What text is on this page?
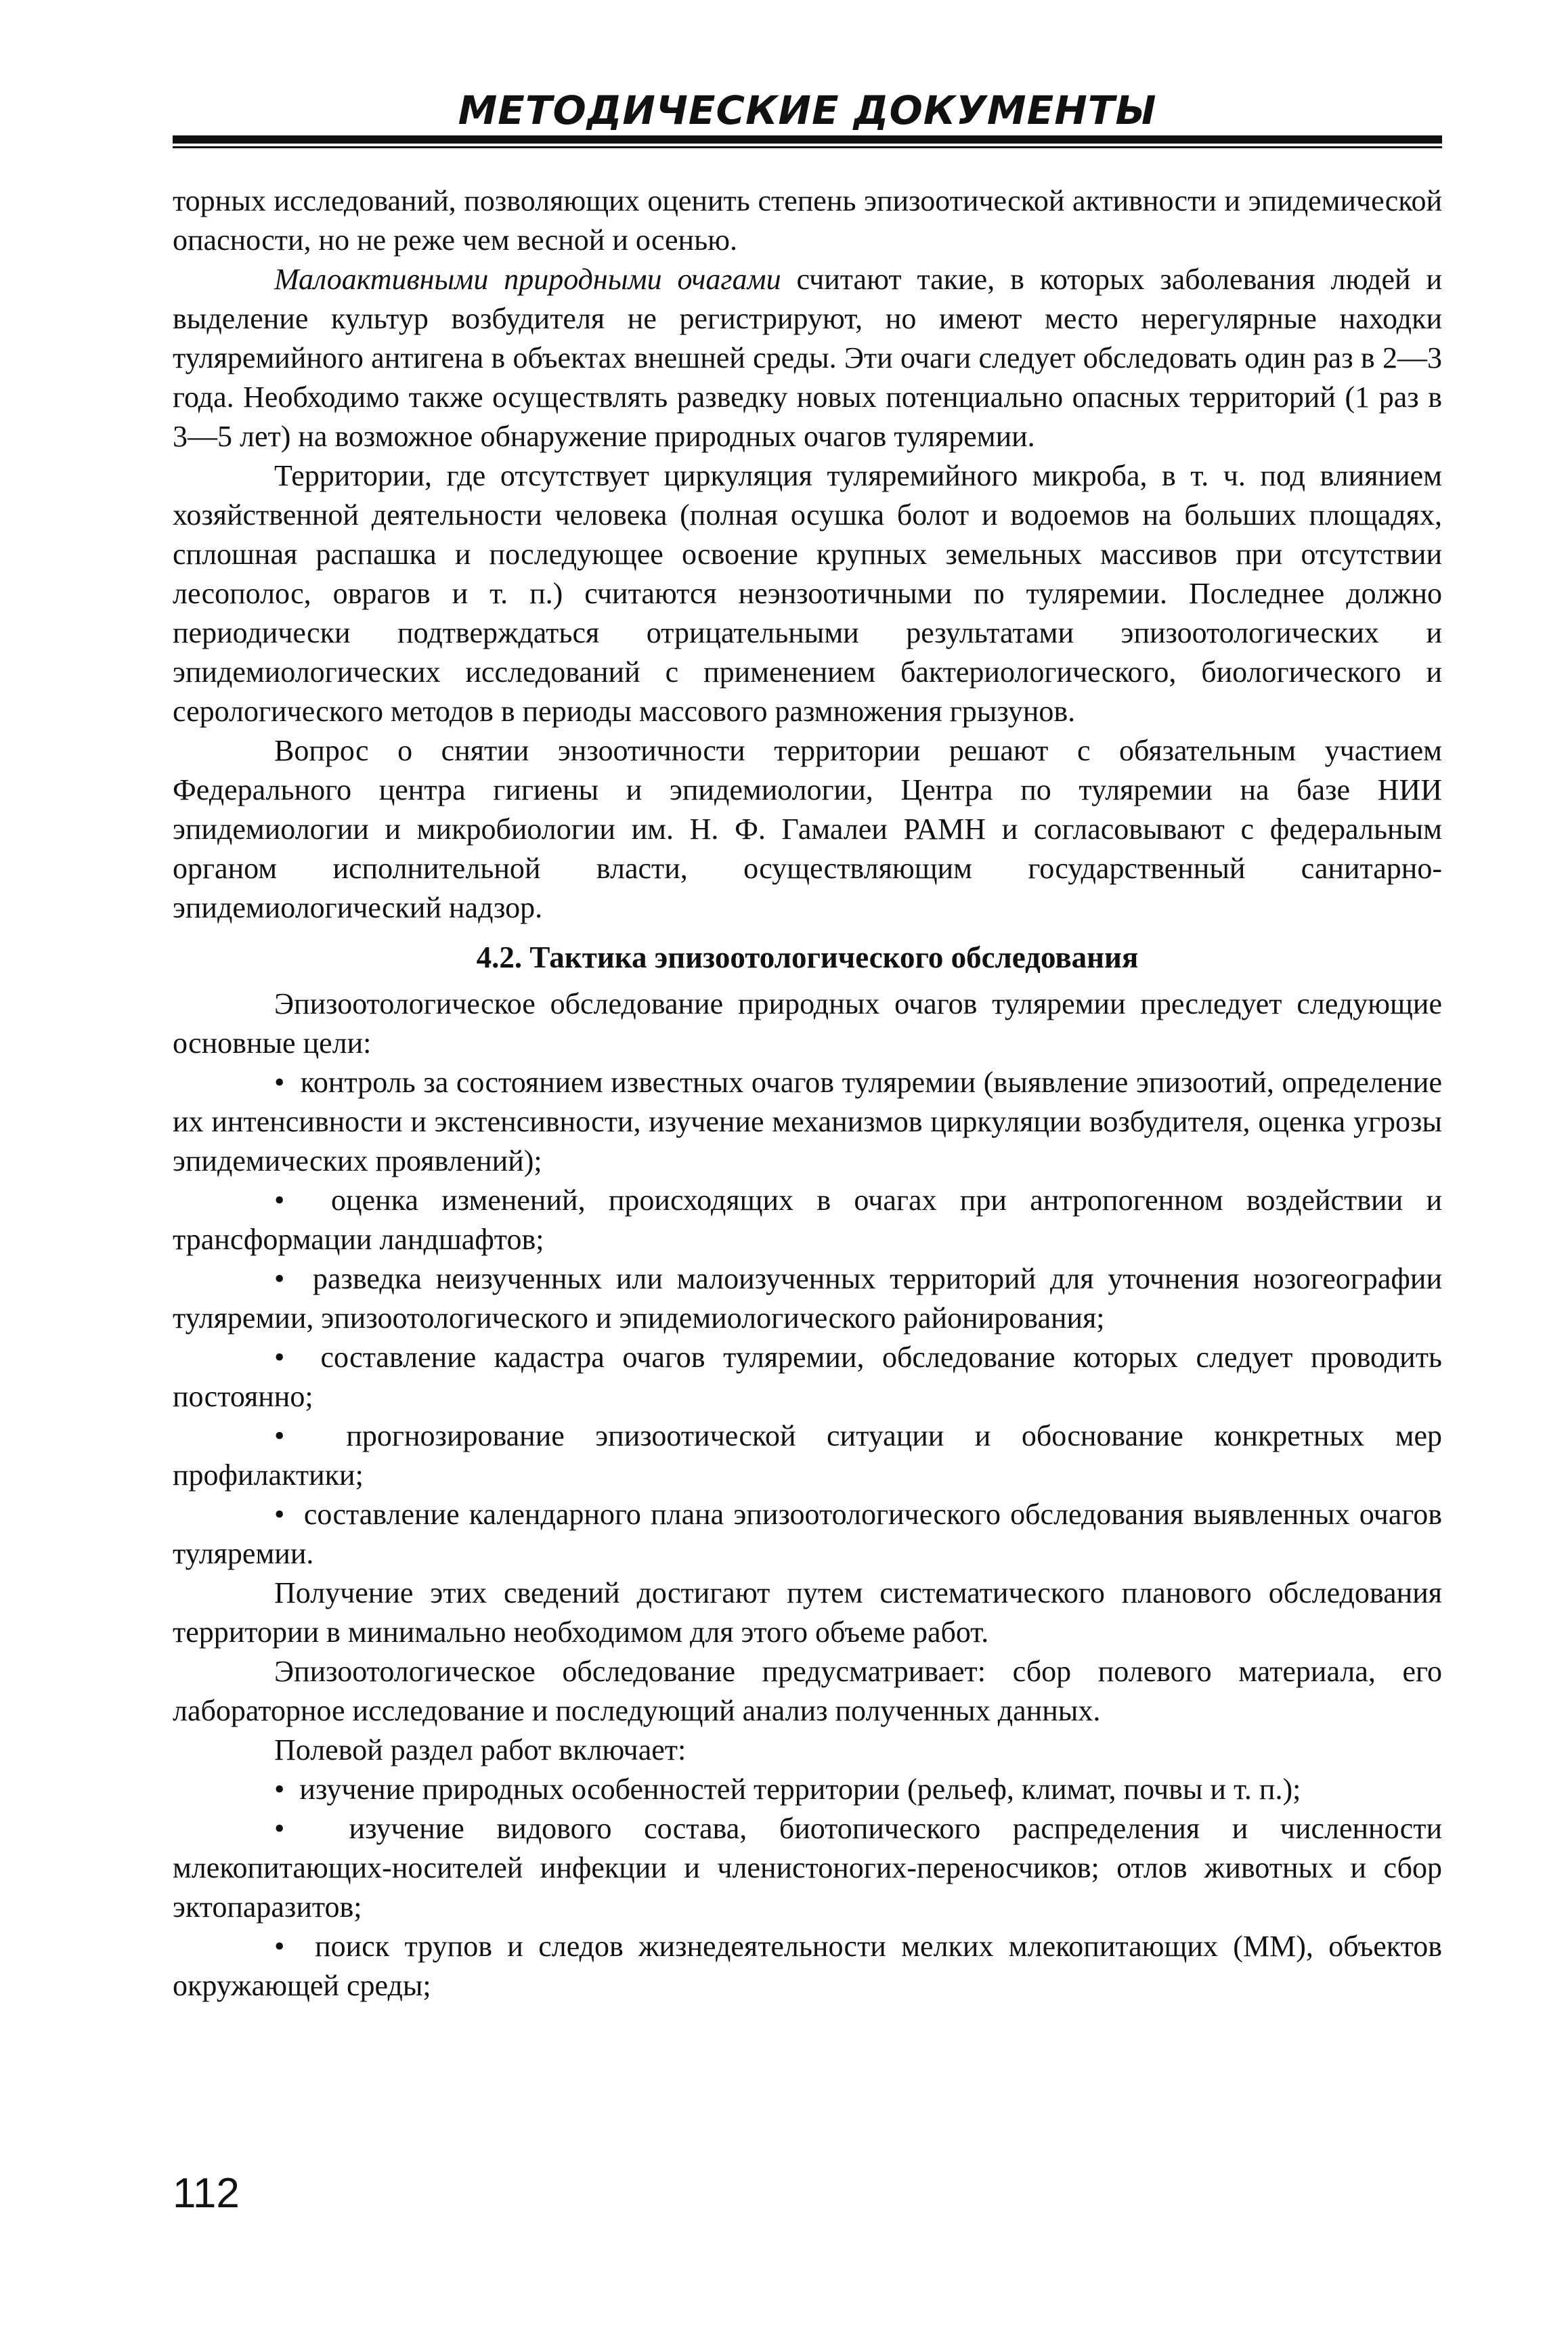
МЕТОДИЧЕСКИЕ ДОКУМЕНТЫ

торных исследований, позволяющих оценить степень эпизоотической активности и эпидемической опасности, но не реже чем весной и осенью.

Малоактивными природными очагами считают такие, в которых заболевания людей и выделение культур возбудителя не регистрируют, но имеют место нерегулярные находки туляремийного антигена в объектах внешней среды. Эти очаги следует обследовать один раз в 2—3 года. Необходимо также осуществлять разведку новых потенциально опасных территорий (1 раз в 3—5 лет) на возможное обнаружение природных очагов туляремии.

Территории, где отсутствует циркуляция туляремийного микроба, в т. ч. под влиянием хозяйственной деятельности человека (полная осушка болот и водоемов на больших площадях, сплошная распашка и последующее освоение крупных земельных массивов при отсутствии лесополос, оврагов и т. п.) считаются неэнзоотичными по туляремии. Последнее должно периодически подтверждаться отрицательными результатами эпизоотологических и эпидемиологических исследований с применением бактериологического, биологического и серологического методов в периоды массового размножения грызунов.

Вопрос о снятии энзоотичности территории решают с обязательным участием Федерального центра гигиены и эпидемиологии, Центра по туляремии на базе НИИ эпидемиологии и микробиологии им. Н. Ф. Гамалеи РАМН и согласовывают с федеральным органом исполнительной власти, осуществляющим государственный санитарно-эпидемиологический надзор.

4.2. Тактика эпизоотологического обследования

Эпизоотологическое обследование природных очагов туляремии преследует следующие основные цели:

•  контроль за состоянием известных очагов туляремии (выявление эпизоотий, определение их интенсивности и экстенсивности, изучение механизмов циркуляции возбудителя, оценка угрозы эпидемических проявлений);

•  оценка изменений, происходящих в очагах при антропогенном воздействии и трансформации ландшафтов;

•  разведка неизученных или малоизученных территорий для уточнения нозогеографии туляремии, эпизоотологического и эпидемиологического районирования;

•  составление кадастра очагов туляремии, обследование которых следует проводить постоянно;

•  прогнозирование эпизоотической ситуации и обоснование конкретных мер профилактики;

•  составление календарного плана эпизоотологического обследования выявленных очагов туляремии.

Получение этих сведений достигают путем систематического планового обследования территории в минимально необходимом для этого объеме работ.

Эпизоотологическое обследование предусматривает: сбор полевого материала, его лабораторное исследование и последующий анализ полученных данных.

Полевой раздел работ включает:

•  изучение природных особенностей территории (рельеф, климат, почвы и т. п.);

•  изучение видового состава, биотопического распределения и численности млекопитающих-носителей инфекции и членистоногих-переносчиков; отлов животных и сбор эктопаразитов;

•  поиск трупов и следов жизнедеятельности мелких млекопитающих (ММ), объектов окружающей среды;

112
